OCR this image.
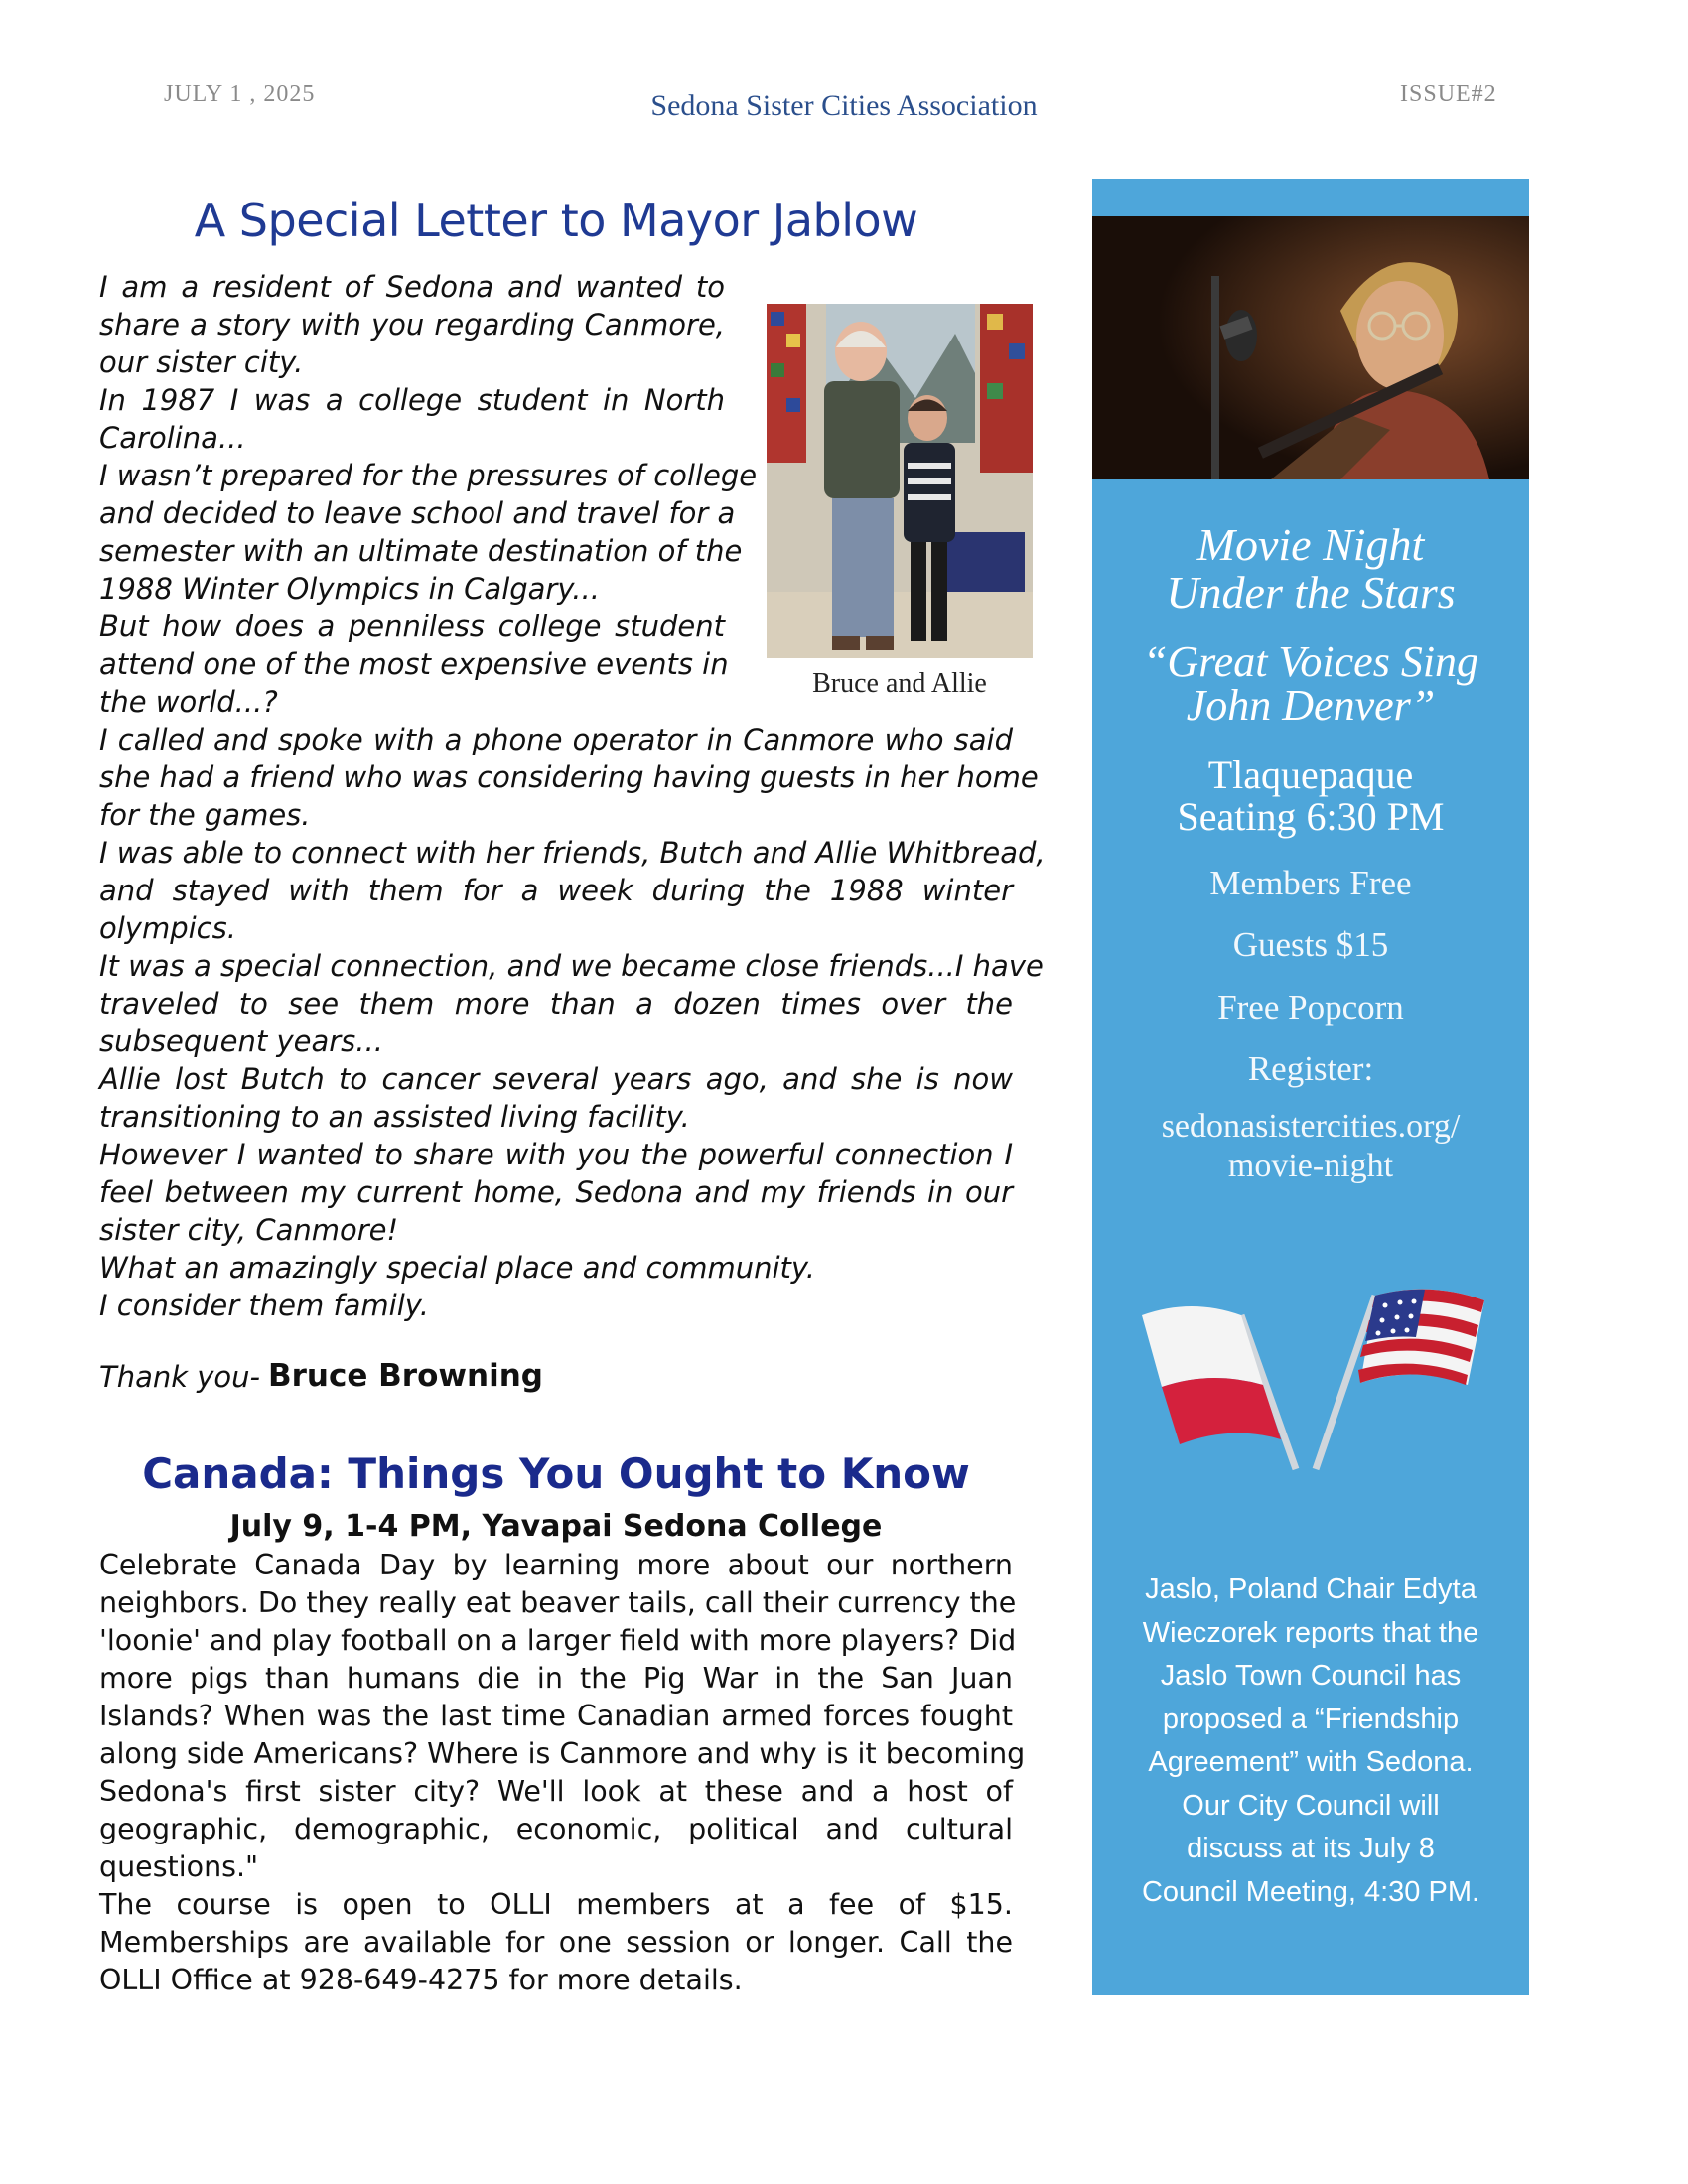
JULY 1 , 2025	Sedona Sister Cities Association	ISSUE#2
A Special Letter to Mayor Jablow
I am a resident of Sedona and wanted to
share a story with you regarding Canmore,
our sister city.
In 1987 I was a college student in North
Carolina...
I wasn’t prepared for the pressures of college
and decided to leave school and travel for a
semester with an ultimate destination of the
1988 Winter Olympics in Calgary...
But how does a penniless college student
attend one of the most expensive events in
the world...?
I called and spoke with a phone operator in Canmore who said
she had a friend who was considering having guests in her home
for the games.
I was able to connect with her friends, Butch and Allie Whitbread,
and stayed with them for a week during the 1988 winter
olympics.
It was a special connection, and we became close friends...I have
traveled to see them more than a dozen times over the
subsequent years...
Allie lost Butch to cancer several years ago, and she is now
transitioning to an assisted living facility.
However I wanted to share with you the powerful connection I
feel between my current home, Sedona and my friends in our
sister city, Canmore!
What an amazingly special place and community.
I consider them family.
Bruce and Allie
Thank you- Bruce Browning
Canada: Things You Ought to Know
July 9, 1-4 PM, Yavapai Sedona College
Celebrate Canada Day by learning more about our northern
neighbors. Do they really eat beaver tails, call their currency the
'loonie' and play football on a larger field with more players? Did
more pigs than humans die in the Pig War in the San Juan
Islands? When was the last time Canadian armed forces fought
along side Americans? Where is Canmore and why is it becoming
Sedona's first sister city? We'll look at these and a host of
geographic, demographic, economic, political and cultural
questions."
The course is open to OLLI members at a fee of $15.
Memberships are available for one session or longer. Call the
OLLI Office at 928-649-4275 for more details.
Movie Night
Under the Stars
“Great Voices Sing
John Denver”
Tlaquepaque
Seating 6:30 PM
Members Free
Guests $15
Free Popcorn
Register:
sedonasistercities.org/
movie-night
Jaslo, Poland Chair Edyta
Wieczorek reports that the
Jaslo Town Council has
proposed a “Friendship
Agreement” with Sedona.
Our City Council will
discuss at its July 8
Council Meeting, 4:30 PM.
